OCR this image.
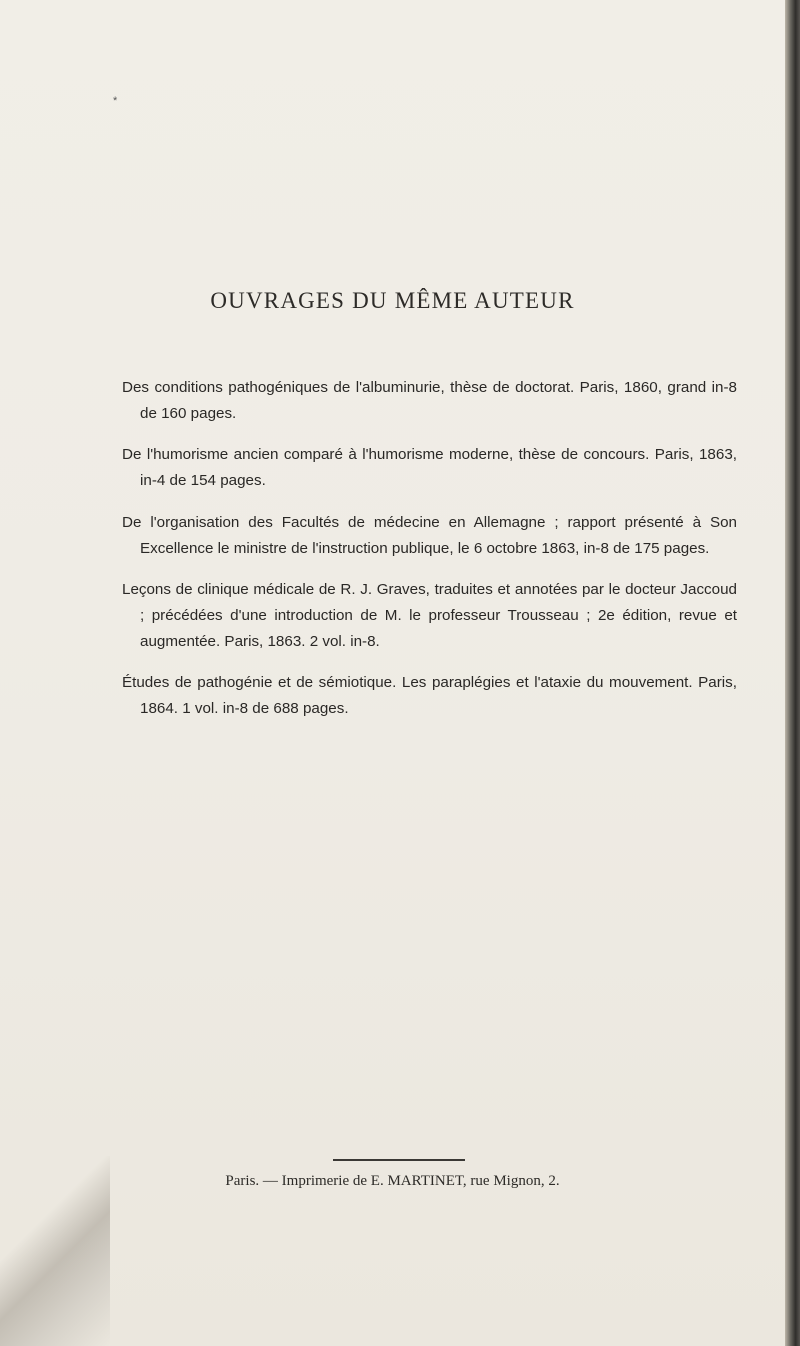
*
OUVRAGES DU MÊME AUTEUR

Des conditions pathogéniques de l'albuminurie, thèse de doctorat. Paris, 1860, grand in-8 de 160 pages.

De l'humorisme ancien comparé à l'humorisme moderne, thèse de concours. Paris, 1863, in-4 de 154 pages.

De l'organisation des Facultés de médecine en Allemagne ; rapport présenté à Son Excellence le ministre de l'instruction publique, le 6 octobre 1863, in-8 de 175 pages.

Leçons de clinique médicale de R. J. Graves, traduites et annotées par le docteur Jaccoud ; précédées d'une introduction de M. le professeur Trousseau ; 2e édition, revue et augmentée. Paris, 1863. 2 vol. in-8.

Études de pathogénie et de sémiotique. Les paraplégies et l'ataxie du mouvement. Paris, 1864. 1 vol. in-8 de 688 pages.

Paris. — Imprimerie de E. MARTINET, rue Mignon, 2.
